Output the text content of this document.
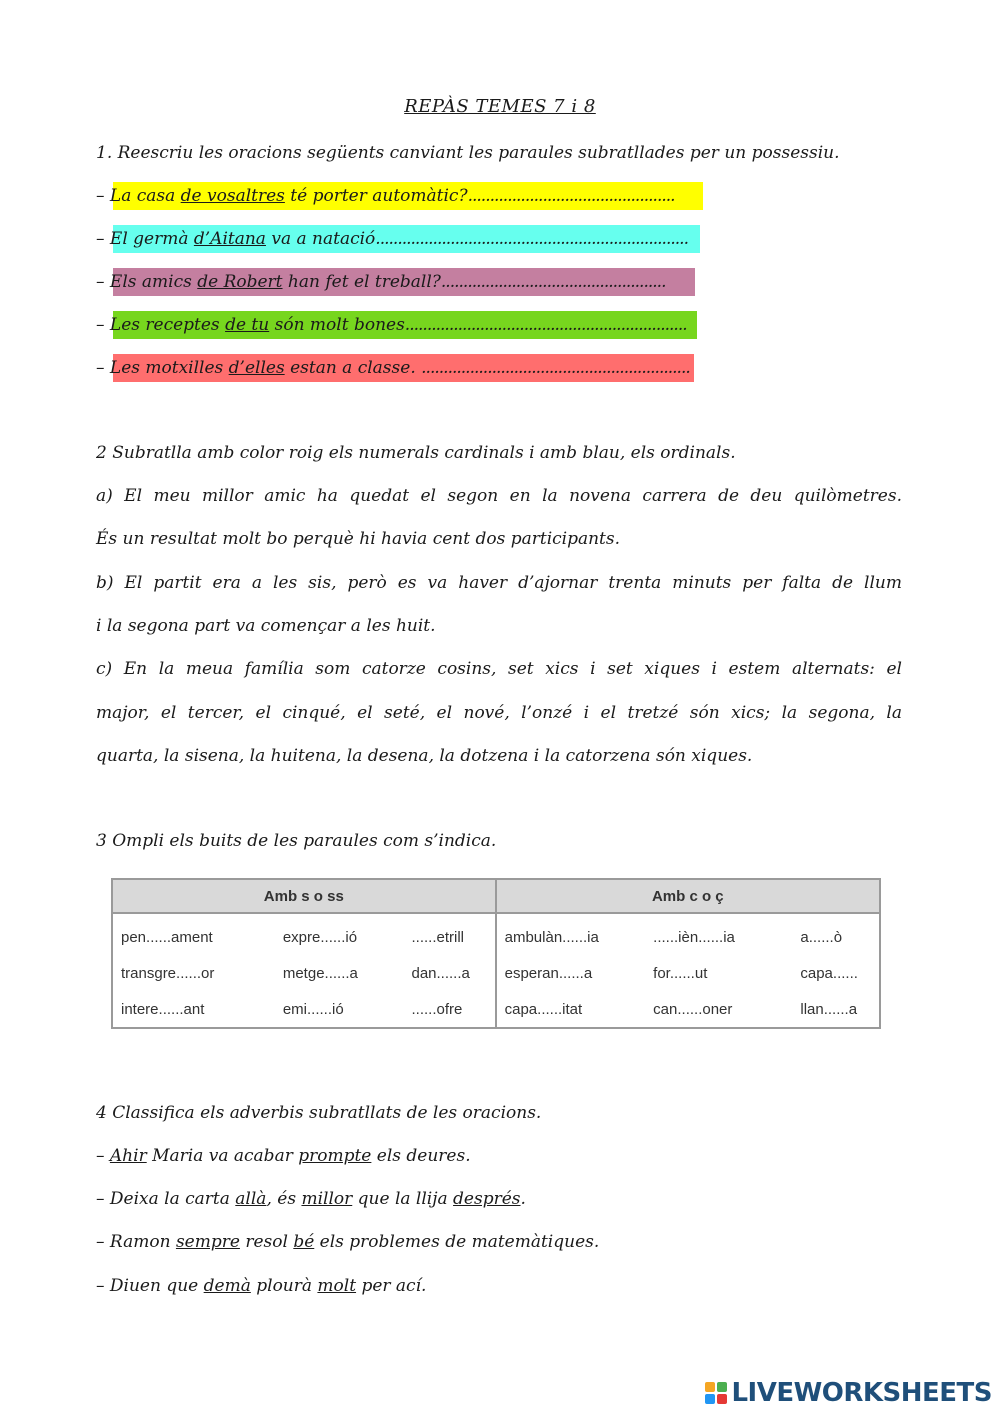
REPÀS TEMES 7 i 8
1. Reescriu les oracions següents canviant les paraules subratllades per un possessiu.
– La casa de vosaltres té porter automàtic?...............................................
– El germà d’Aitana va a natació.......................................................................
– Els amics de Robert han fet el treball?...................................................
– Les receptes de tu són molt bones................................................................
– Les motxilles d’elles estan a classe. .............................................................
2 Subratlla amb color roig els numerals cardinals i amb blau, els ordinals.
a) El meu millor amic ha quedat el segon en la novena carrera de deu quilòmetres.
És un resultat molt bo perquè hi havia cent dos participants.
b) El partit era a les sis, però es va haver d’ajornar trenta minuts per falta de llum
i la segona part va començar a les huit.
c) En la meua família som catorze cosins, set xics i set xiques i estem alternats: el
major, el tercer, el cinqué, el seté, el nové, l’onzé i el tretzé són xics; la segona, la
quarta, la sisena, la huitena, la desena, la dotzena i la catorzena són xiques.
3 Ompli els buits de les paraules com s’indica.
Amb s o ss			Amb c o ç		
pen......ament	expre......ió	......etrill	ambulàn......ia	......ièn......ia	a......ò
transgre......or	metge......a	dan......a	esperan......a	for......ut	capa......
intere......ant	emi......ió	......ofre	capa......itat	can......oner	llan......a
4 Classifica els adverbis subratllats de les oracions.
– Ahir Maria va acabar prompte els deures.
– Deixa la carta allà, és millor que la llija després.
– Ramon sempre resol bé els problemes de matemàtiques.
– Diuen que demà plourà molt per ací.
LIVEWORKSHEETS
